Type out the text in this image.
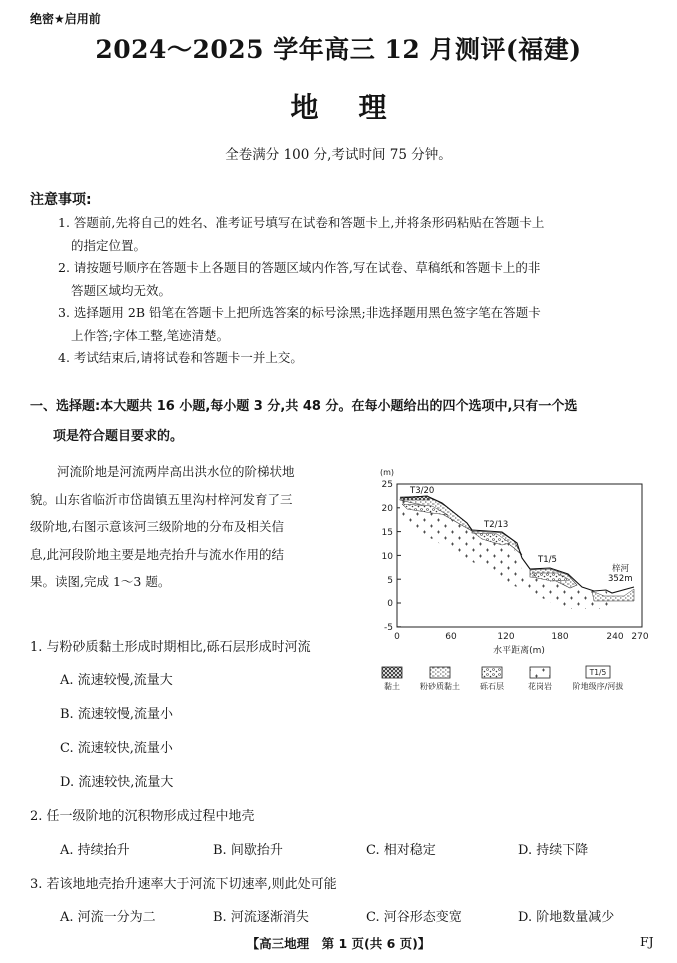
绝密★启用前
2024～2025 学年高三 12 月测评(福建)
地 理
全卷满分 100 分,考试时间 75 分钟。
注意事项:
1. 答题前,先将自己的姓名、准考证号填写在试卷和答题卡上,并将条形码粘贴在答题卡上
的指定位置。
2. 请按题号顺序在答题卡上各题目的答题区域内作答,写在试卷、草稿纸和答题卡上的非
答题区域均无效。
3. 选择题用 2B 铅笔在答题卡上把所选答案的标号涂黑;非选择题用黑色签字笔在答题卡
上作答;字体工整,笔迹清楚。
4. 考试结束后,请将试卷和答题卡一并上交。
一、选择题:本大题共 16 小题,每小题 3 分,共 48 分。在每小题给出的四个选项中,只有一个选
项是符合题目要求的。
河流阶地是河流两岸高出洪水位的阶梯状地
貌。山东省临沂市岱崮镇五里沟村梓河发育了三
级阶地,右图示意该河三级阶地的分布及相关信
息,此河段阶地主要是地壳抬升与流水作用的结
果。读图,完成 1～3 题。
(m)
25
20
15
10
5
0
-5
0	60	120	180	240 270
水平距离(m)
T3/20
T2/13
T1/5
梓河
352m
黏土	粉砂质黏土	砾石层	花岗岩
T1/5
阶地级序/河拔
1. 与粉砂质黏土形成时期相比,砾石层形成时河流
A. 流速较慢,流量大
B. 流速较慢,流量小
C. 流速较快,流量小
D. 流速较快,流量大
2. 任一级阶地的沉积物形成过程中地壳
A. 持续抬升	B. 间歇抬升	C. 相对稳定	D. 持续下降
3. 若该地地壳抬升速率大于河流下切速率,则此处可能
A. 河流一分为二	B. 河流逐渐消失	C. 河谷形态变宽	D. 阶地数量减少
【高三地理　第 1 页(共 6 页)】	FJ
